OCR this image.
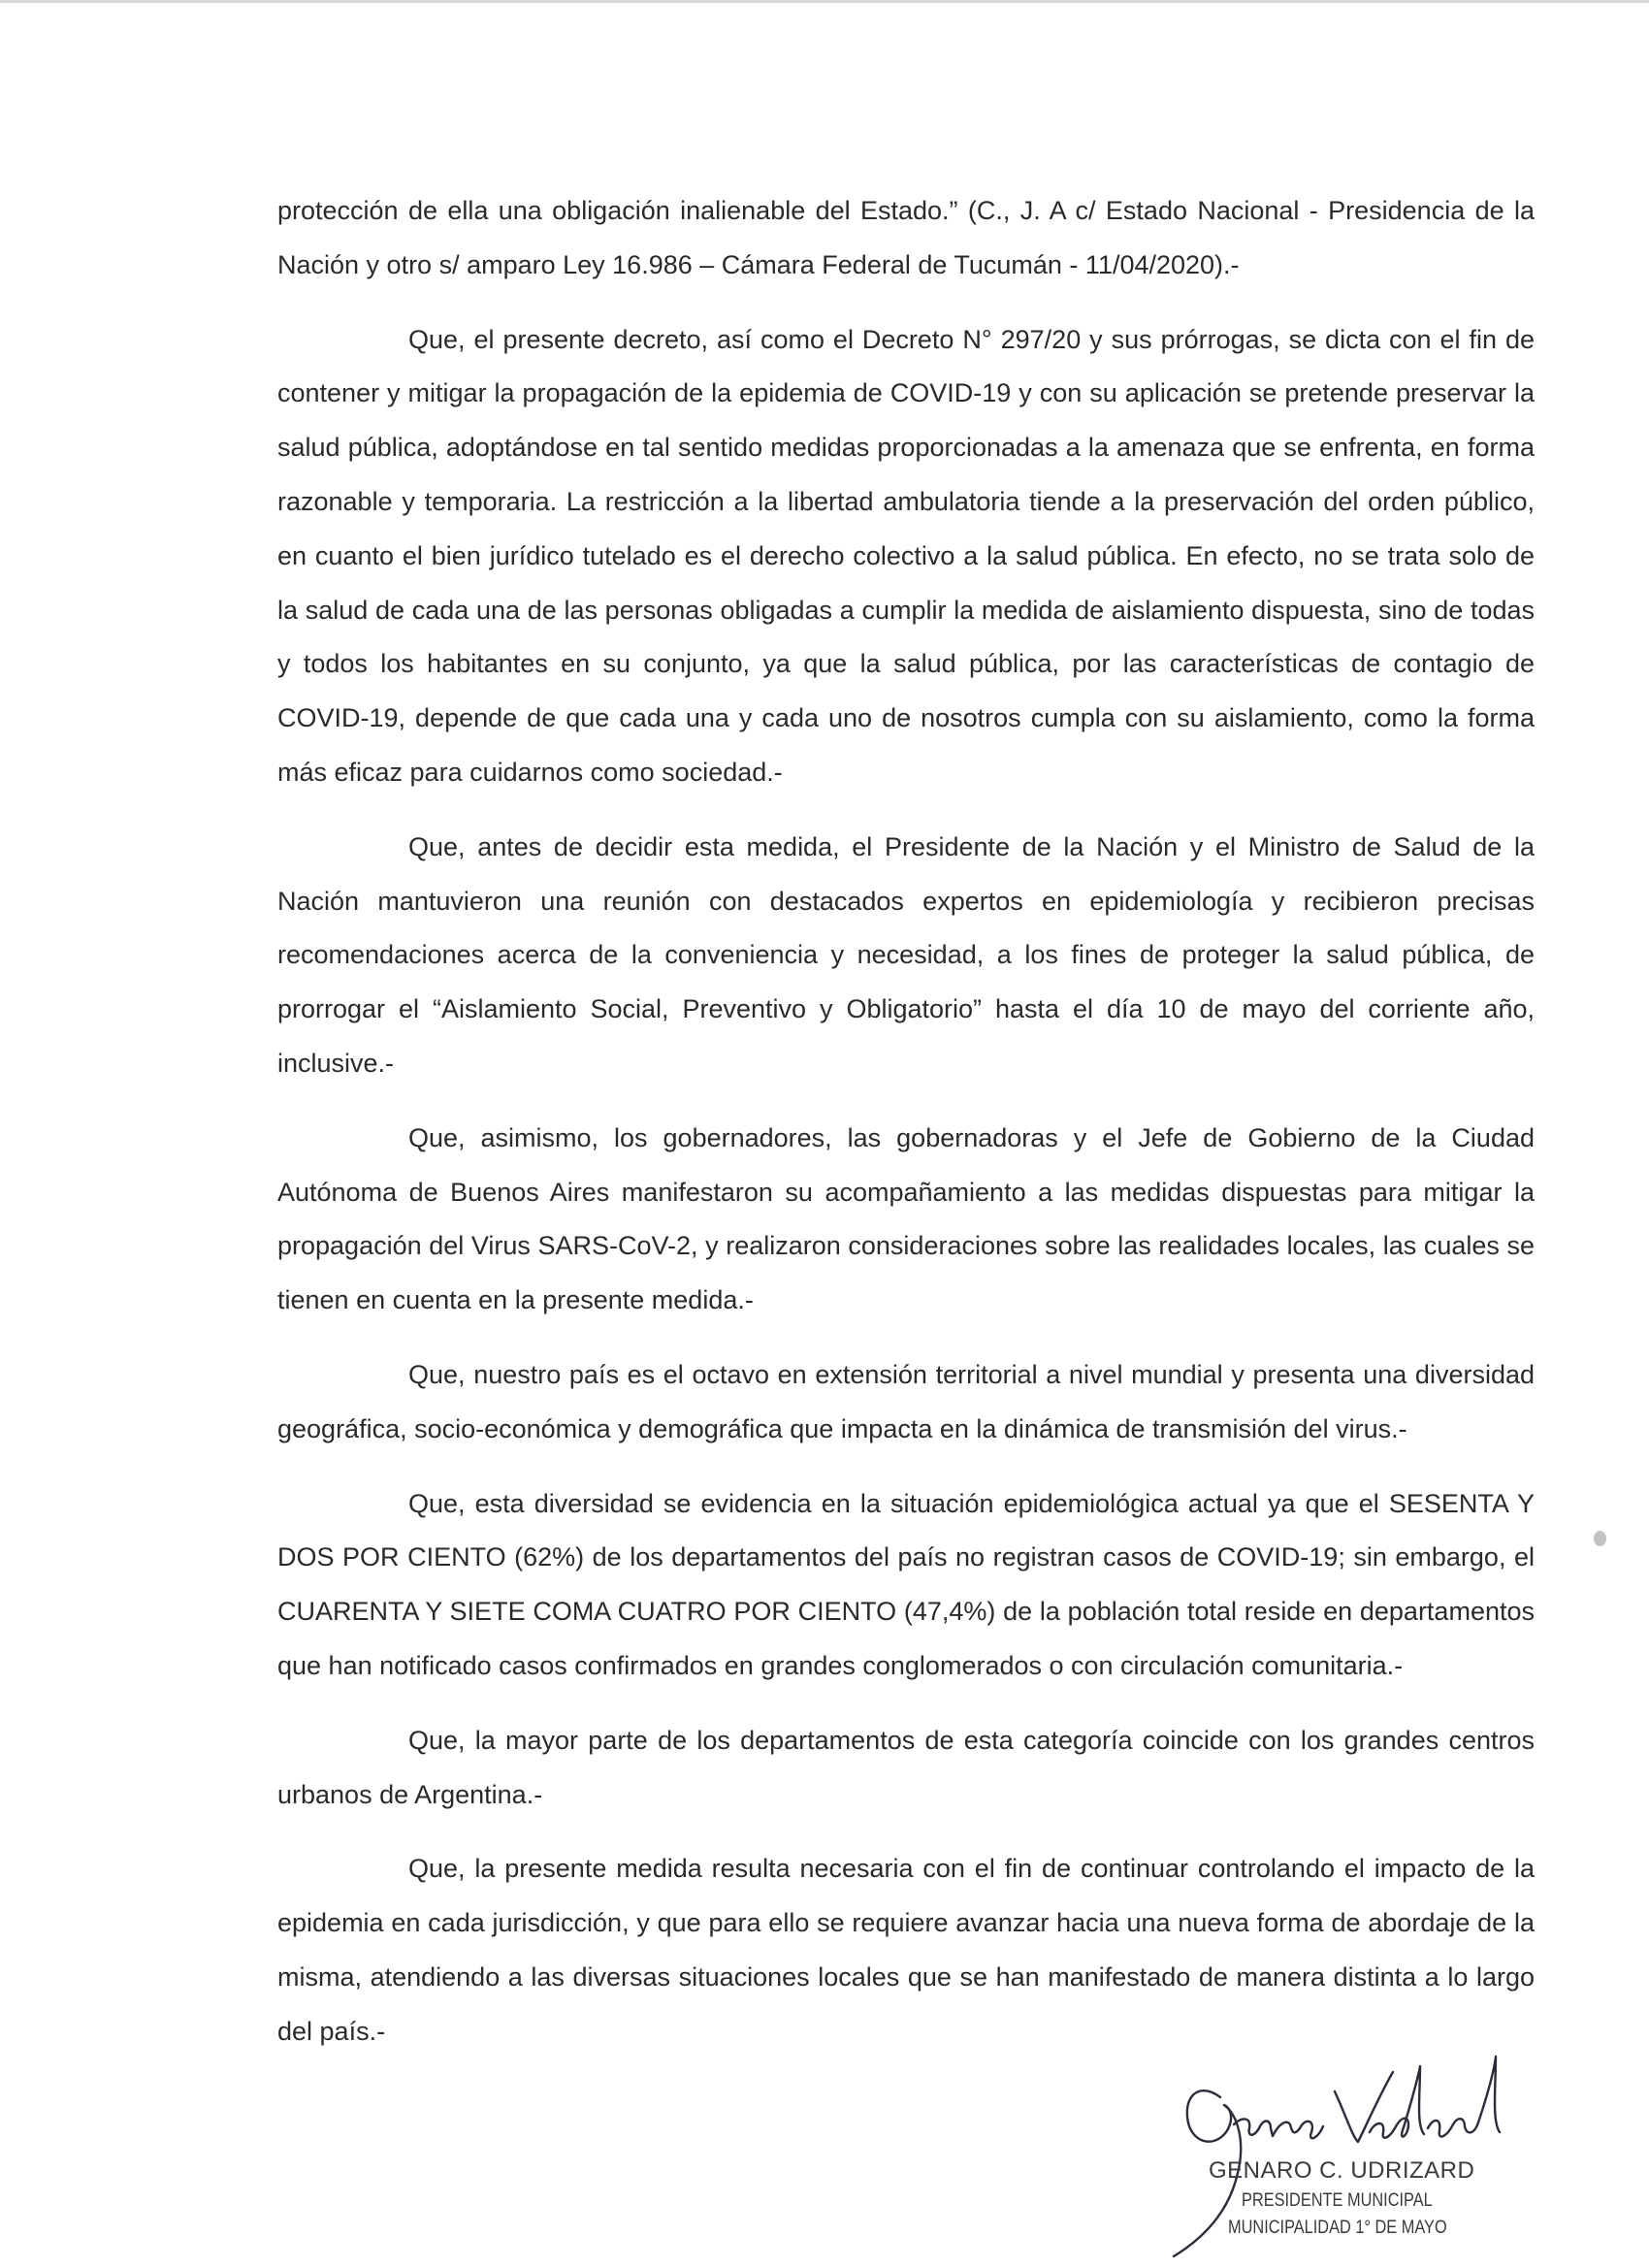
protección de ella una obligación inalienable del Estado.” (C., J. A c/ Estado Nacional - Presidencia de la Nación y otro s/ amparo Ley 16.986 – Cámara Federal de Tucumán - 11/04/2020).-

Que, el presente decreto, así como el Decreto N° 297/20 y sus prórrogas, se dicta con el fin de contener y mitigar la propagación de la epidemia de COVID-19 y con su aplicación se pretende preservar la salud pública, adoptándose en tal sentido medidas proporcionadas a la amenaza que se enfrenta, en forma razonable y temporaria. La restricción a la libertad ambulatoria tiende a la preservación del orden público, en cuanto el bien jurídico tutelado es el derecho colectivo a la salud pública. En efecto, no se trata solo de la salud de cada una de las personas obligadas a cumplir la medida de aislamiento dispuesta, sino de todas y todos los habitantes en su conjunto, ya que la salud pública, por las características de contagio de COVID-19, depende de que cada una y cada uno de nosotros cumpla con su aislamiento, como la forma más eficaz para cuidarnos como sociedad.-

Que, antes de decidir esta medida, el Presidente de la Nación y el Ministro de Salud de la Nación mantuvieron una reunión con destacados expertos en epidemiología y recibieron precisas recomendaciones acerca de la conveniencia y necesidad, a los fines de proteger la salud pública, de prorrogar el “Aislamiento Social, Preventivo y Obligatorio” hasta el día 10 de mayo del corriente año, inclusive.-

Que, asimismo, los gobernadores, las gobernadoras y el Jefe de Gobierno de la Ciudad Autónoma de Buenos Aires manifestaron su acompañamiento a las medidas dispuestas para mitigar la propagación del Virus SARS-CoV-2, y realizaron consideraciones sobre las realidades locales, las cuales se tienen en cuenta en la presente medida.-

Que, nuestro país es el octavo en extensión territorial a nivel mundial y presenta una diversidad geográfica, socio-económica y demográfica que impacta en la dinámica de transmisión del virus.-

Que, esta diversidad se evidencia en la situación epidemiológica actual ya que el SESENTA Y DOS POR CIENTO (62%) de los departamentos del país no registran casos de COVID-19; sin embargo, el CUARENTA Y SIETE COMA CUATRO POR CIENTO (47,4%) de la población total reside en departamentos que han notificado casos confirmados en grandes conglomerados o con circulación comunitaria.-

Que, la mayor parte de los departamentos de esta categoría coincide con los grandes centros urbanos de Argentina.-

Que, la presente medida resulta necesaria con el fin de continuar controlando el impacto de la epidemia en cada jurisdicción, y que para ello se requiere avanzar hacia una nueva forma de abordaje de la misma, atendiendo a las diversas situaciones locales que se han manifestado de manera distinta a lo largo del país.-

GENARO C. UDRIZARD
PRESIDENTE MUNICIPAL
MUNICIPALIDAD 1° DE MAYO
